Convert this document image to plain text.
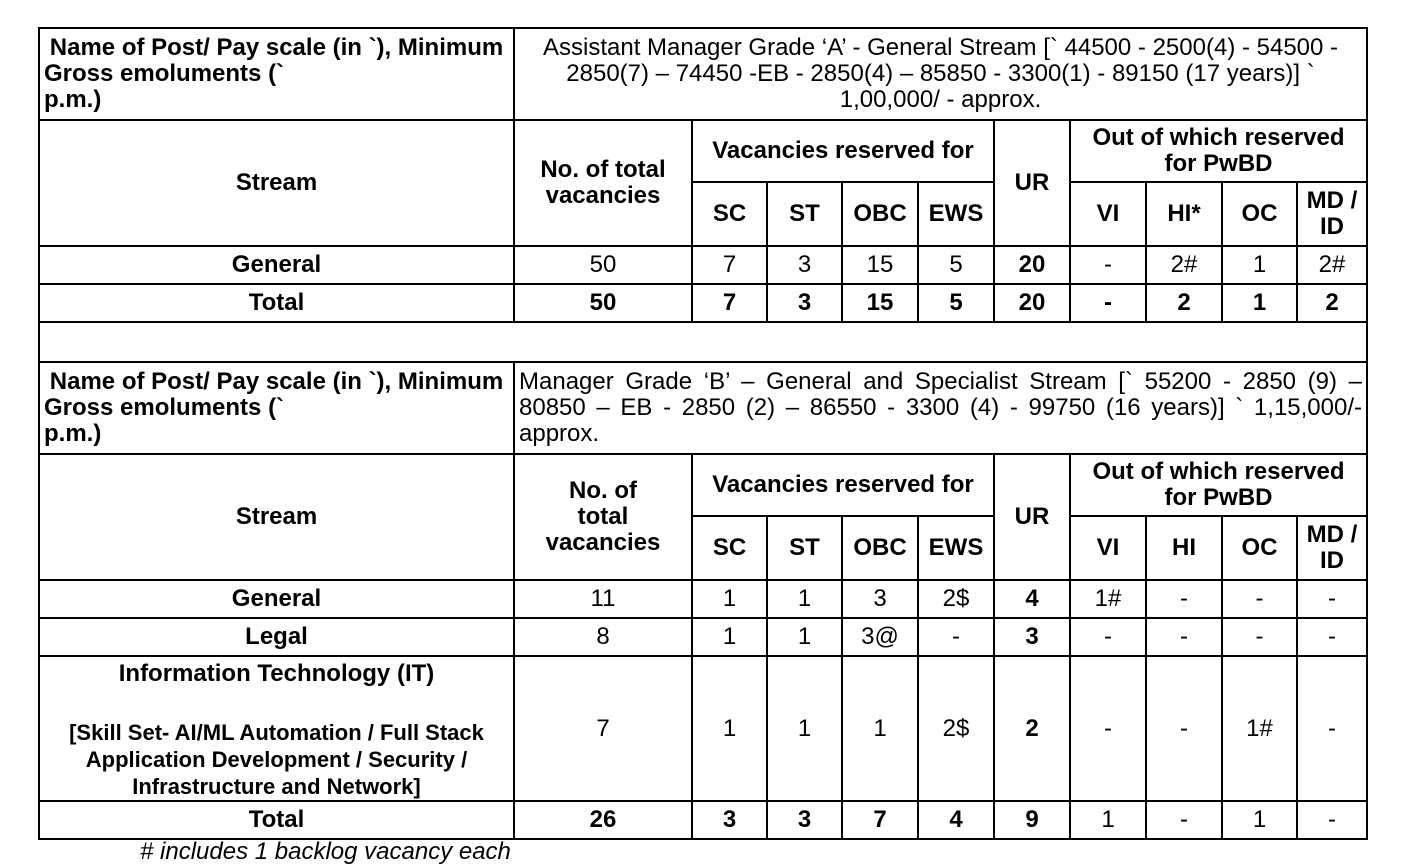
Name of Post/ Pay scale (in `), Minimum Gross emoluments (`
p.m.)	Assistant Manager Grade ‘A’ - General Stream [` 44500 - 2500(4) - 54500 - 2850(7) – 74450 -EB - 2850(4) – 85850 - 3300(1) - 89150 (17 years)] ` 1,00,000/ - approx.									
Stream	No. of total vacancies	Vacancies reserved for				UR	Out of which reserved for PwBD			
		SC	ST	OBC	EWS		VI	HI*	OC	MD / ID
General	50	7	3	15	5	20	-	2#	1	2#
Total	50	7	3	15	5	20	-	2	1	2

Name of Post/ Pay scale (in `), Minimum Gross emoluments (`
p.m.)	Manager Grade ‘B’ – General and Specialist Stream [` 55200 - 2850 (9) – 80850 – EB - 2850 (2) – 86550 - 3300 (4) - 99750 (16 years)] ` 1,15,000/- approx.									
Stream	No. of total vacancies	Vacancies reserved for				UR	Out of which reserved for PwBD			
		SC	ST	OBC	EWS		VI	HI	OC	MD / ID
General	11	1	1	3	2$	4	1#	-	-	-
Legal	8	1	1	3@	-	3	-	-	-	-

Information Technology (IT)
[Skill Set- AI/ML Automation / Full Stack Application Development / Security / Infrastructure and Network]	7	1	1	1	2$	2	-	-	1#	-
Total	26	3	3	7	4	9	1	-	1	-
# includes 1 backlog vacancy each
